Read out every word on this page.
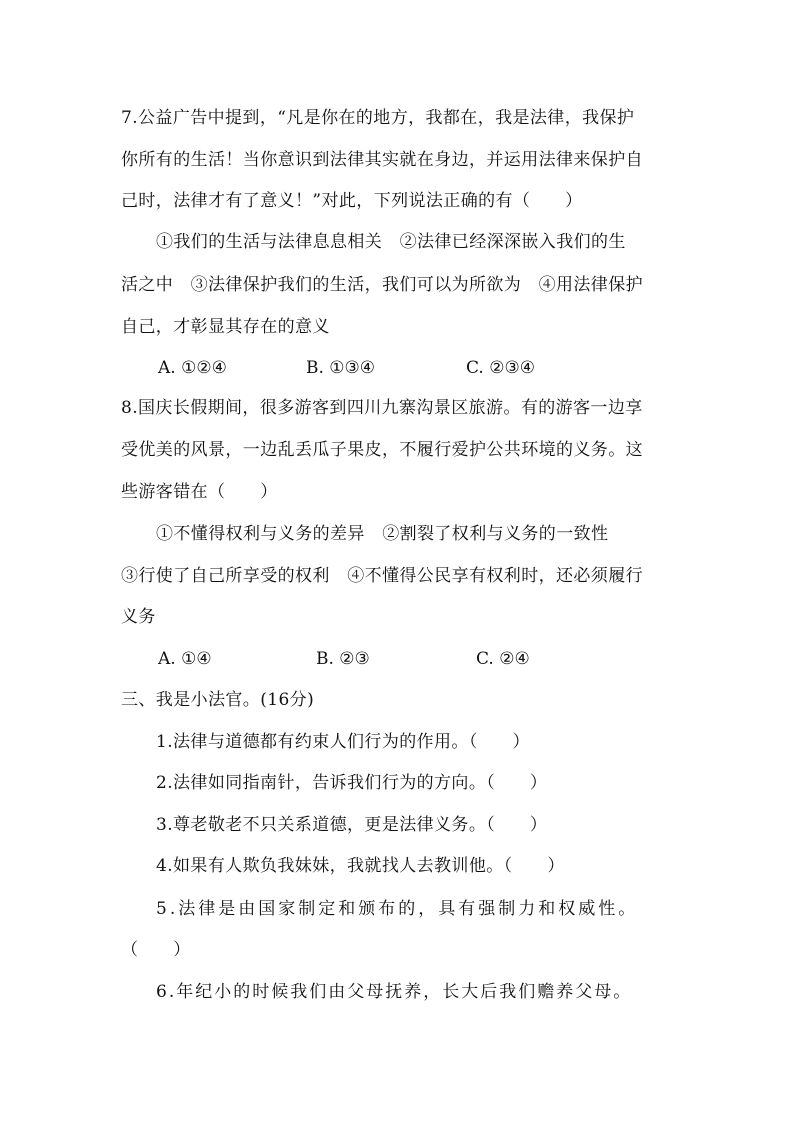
7.公益广告中提到，“凡是你在的地方，我都在，我是法律，我保护
你所有的生活！当你意识到法律其实就在身边，并运用法律来保护自
己时，法律才有了意义！”对此，下列说法正确的有（　　）
①我们的生活与法律息息相关　②法律已经深深嵌入我们的生
活之中　③法律保护我们的生活，我们可以为所欲为　④用法律保护
自己，才彰显其存在的意义
A. ①②④	B. ①③④	C. ②③④
8.国庆长假期间，很多游客到四川九寨沟景区旅游。有的游客一边享
受优美的风景，一边乱丢瓜子果皮，不履行爱护公共环境的义务。这
些游客错在（　　）
①不懂得权利与义务的差异　②割裂了权利与义务的一致性
③行使了自己所享受的权利　④不懂得公民享有权利时，还必须履行
义务
A. ①④	B. ②③	C. ②④
三、我是小法官。(16分)
1.法律与道德都有约束人们行为的作用。（　　）
2.法律如同指南针，告诉我们行为的方向。（　　）
3.尊老敬老不只关系道德，更是法律义务。（　　）
4.如果有人欺负我妹妹，我就找人去教训他。（　　）
5.法律是由国家制定和颁布的，具有强制力和权威性。
（　　）
6.年纪小的时候我们由父母抚养，长大后我们赡养父母。
